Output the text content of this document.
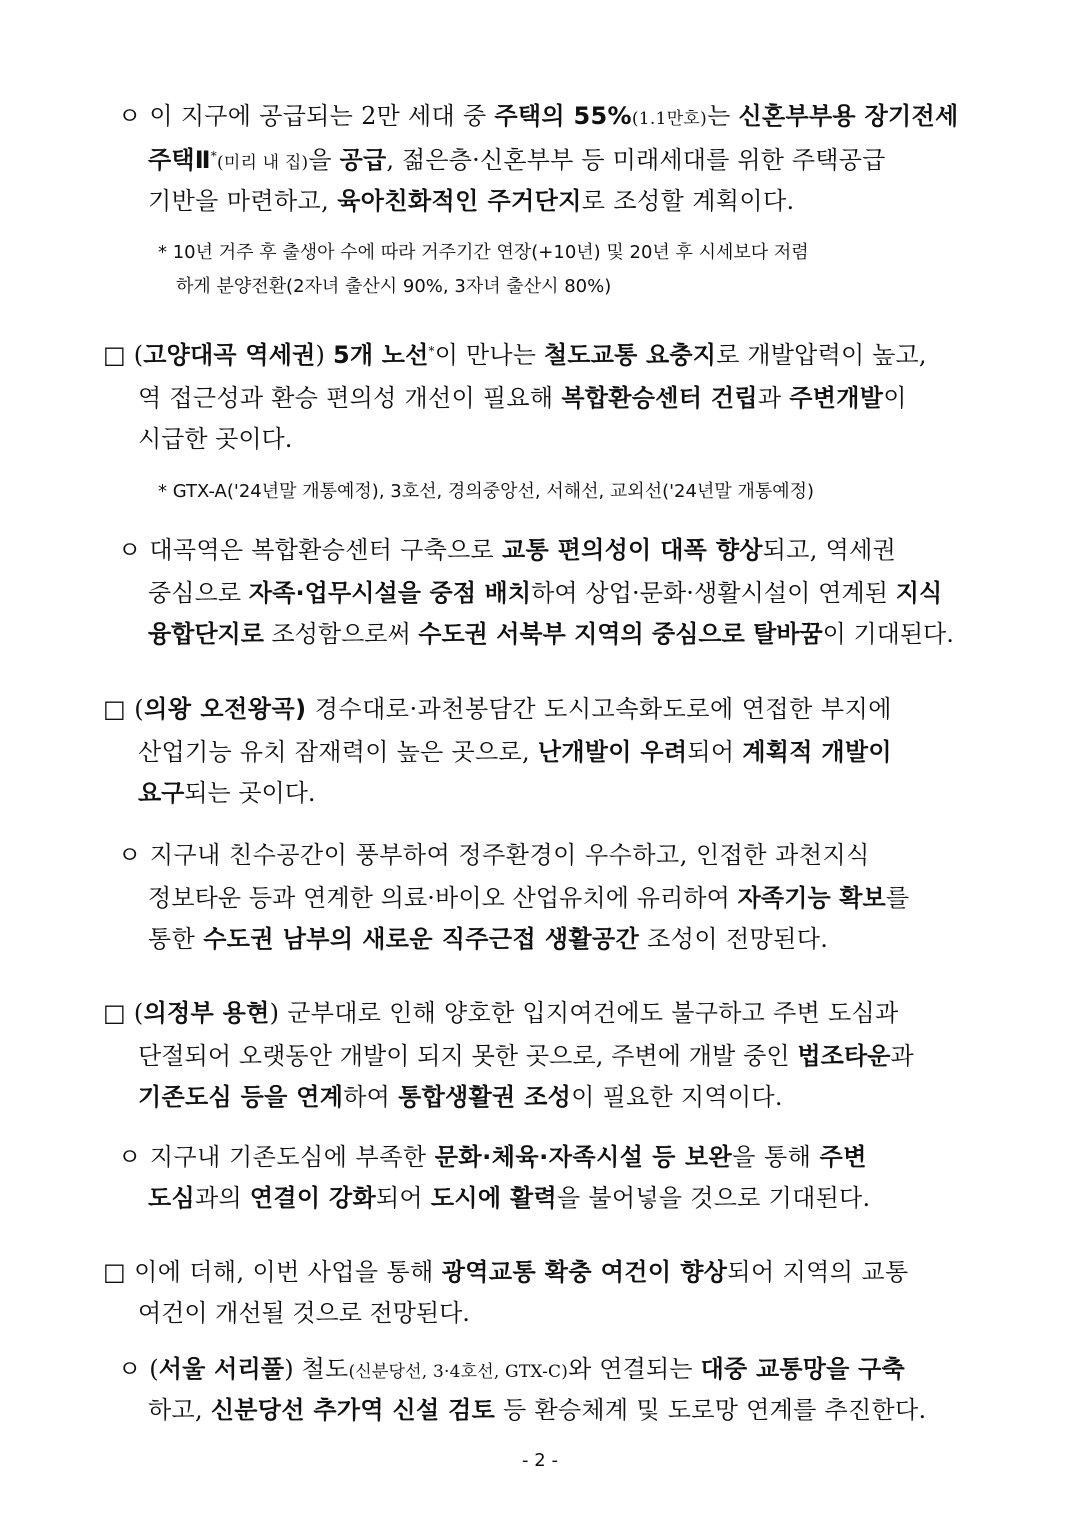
ㅇ 이 지구에 공급되는 2만 세대 중 주택의 55%(1.1만호)는 신혼부부용 장기전세
주택Ⅱ*(미리 내 집)을 공급, 젊은층·신혼부부 등 미래세대를 위한 주택공급
기반을 마련하고, 육아친화적인 주거단지로 조성할 계획이다.
* 10년 거주 후 출생아 수에 따라 거주기간 연장(+10년) 및 20년 후 시세보다 저렴
하게 분양전환(2자녀 출산시 90%, 3자녀 출산시 80%)
□ (고양대곡 역세권) 5개 노선*이 만나는 철도교통 요충지로 개발압력이 높고,
역 접근성과 환승 편의성 개선이 필요해 복합환승센터 건립과 주변개발이
시급한 곳이다.
* GTX-A('24년말 개통예정), 3호선, 경의중앙선, 서해선, 교외선('24년말 개통예정)
ㅇ 대곡역은 복합환승센터 구축으로 교통 편의성이 대폭 향상되고, 역세권
중심으로 자족·업무시설을 중점 배치하여 상업·문화·생활시설이 연계된 지식
융합단지로 조성함으로써 수도권 서북부 지역의 중심으로 탈바꿈이 기대된다.
□ (의왕 오전왕곡) 경수대로·과천봉담간 도시고속화도로에 연접한 부지에
산업기능 유치 잠재력이 높은 곳으로, 난개발이 우려되어 계획적 개발이
요구되는 곳이다.
ㅇ 지구내 친수공간이 풍부하여 정주환경이 우수하고, 인접한 과천지식
정보타운 등과 연계한 의료·바이오 산업유치에 유리하여 자족기능 확보를
통한 수도권 남부의 새로운 직주근접 생활공간 조성이 전망된다.
□ (의정부 용현) 군부대로 인해 양호한 입지여건에도 불구하고 주변 도심과
단절되어 오랫동안 개발이 되지 못한 곳으로, 주변에 개발 중인 법조타운과
기존도심 등을 연계하여 통합생활권 조성이 필요한 지역이다.
ㅇ 지구내 기존도심에 부족한 문화·체육·자족시설 등 보완을 통해 주변
도심과의 연결이 강화되어 도시에 활력을 불어넣을 것으로 기대된다.
□ 이에 더해, 이번 사업을 통해 광역교통 확충 여건이 향상되어 지역의 교통
여건이 개선될 것으로 전망된다.
ㅇ (서울 서리풀) 철도(신분당선, 3·4호선, GTX-C)와 연결되는 대중 교통망을 구축
하고, 신분당선 추가역 신설 검토 등 환승체계 및 도로망 연계를 추진한다.
- 2 -
